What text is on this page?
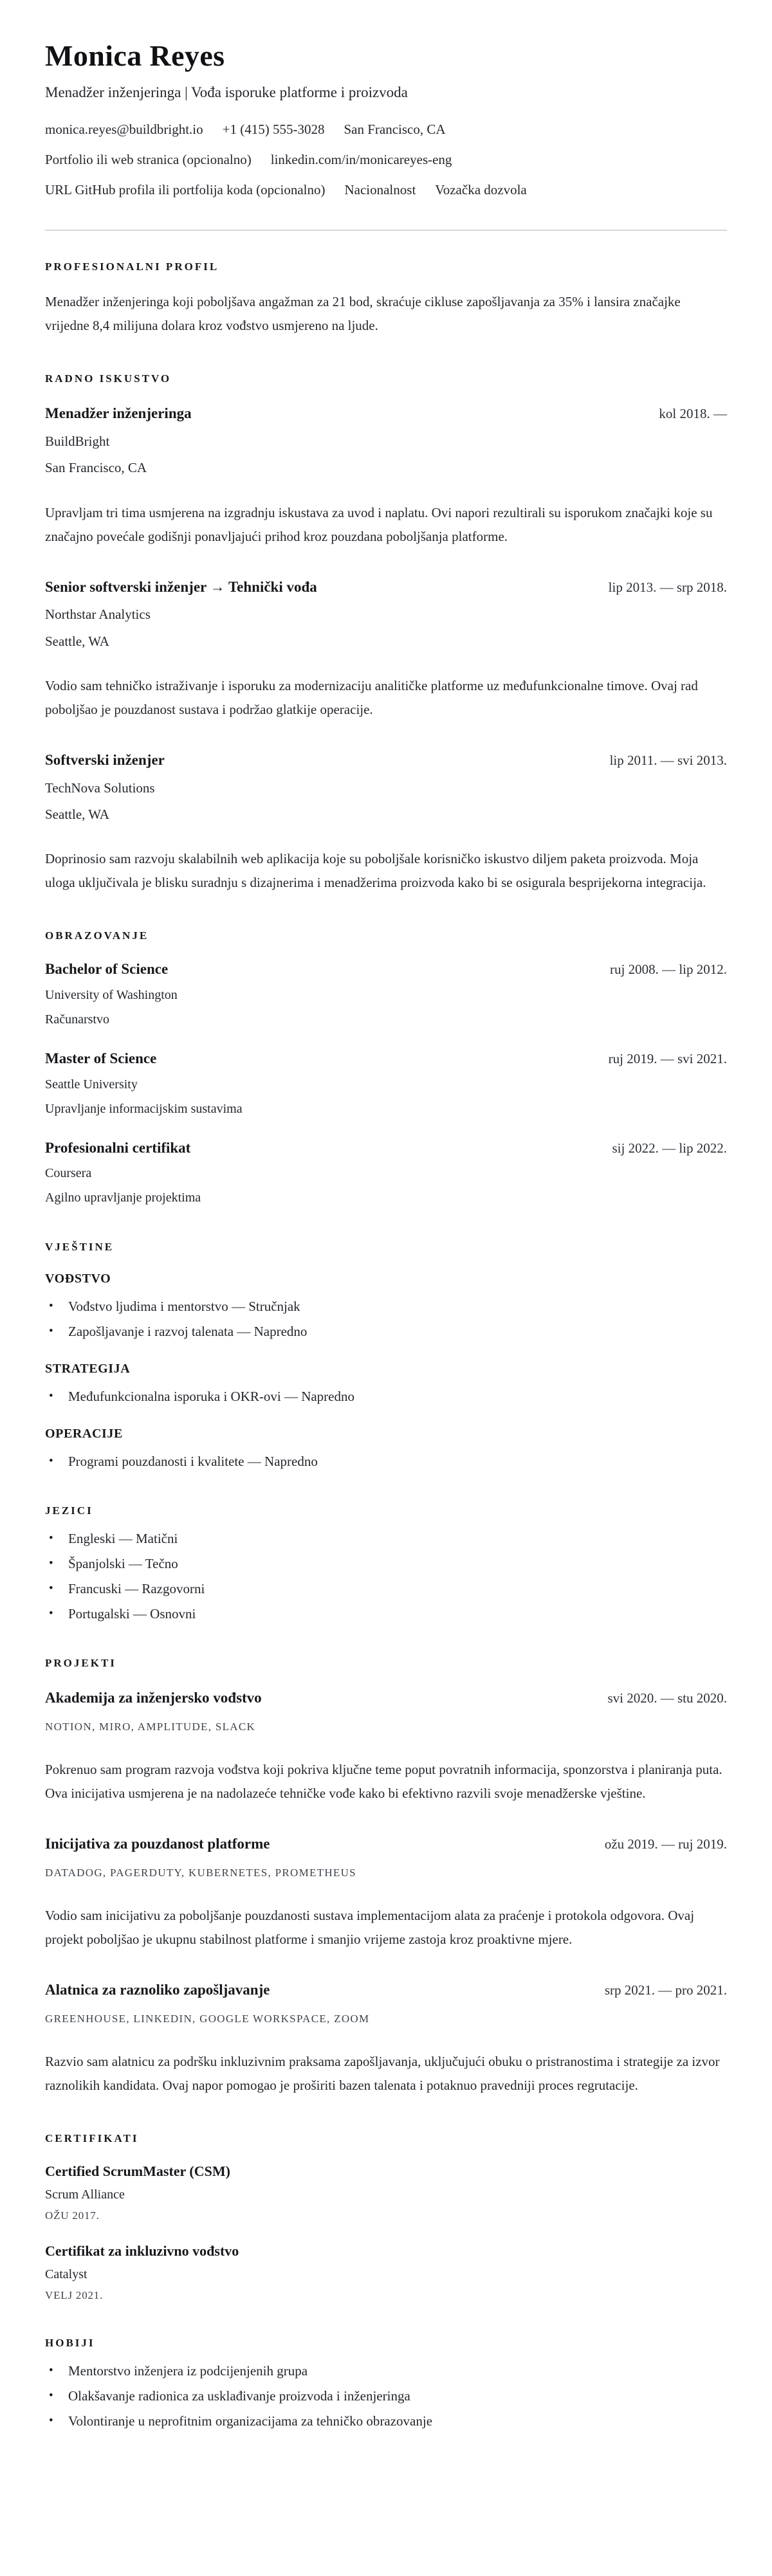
Monica Reyes
Menadžer inženjeringa | Vođa isporuke platforme i proizvoda
monica.reyes@buildbright.io +1 (415) 555-3028 San Francisco, CA
Portfolio ili web stranica (opcionalno) linkedin.com/in/monicareyes-eng
URL GitHub profila ili portfolija koda (opcionalno) Nacionalnost Vozačka dozvola
PROFESIONALNI PROFIL

Menadžer inženjeringa koji poboljšava angažman za 21 bod, skraćuje cikluse zapošljavanja za 35% i lansira značajke vrijedne 8,4 milijuna dolara kroz vođstvo usmjereno na ljude.

RADNO ISKUSTVO
Menadžer inženjeringa	kol 2018. —
BuildBright
San Francisco, CA

Upravljam tri tima usmjerena na izgradnju iskustava za uvod i naplatu. Ovi napori rezultirali su isporukom značajki koje su značajno povećale godišnji ponavljajući prihod kroz pouzdana poboljšanja platforme.

Senior softverski inženjer → Tehnički vođa	lip 2013. — srp 2018.
Northstar Analytics
Seattle, WA

Vodio sam tehničko istraživanje i isporuku za modernizaciju analitičke platforme uz međufunkcionalne timove. Ovaj rad poboljšao je pouzdanost sustava i podržao glatkije operacije.

Softverski inženjer	lip 2011. — svi 2013.
TechNova Solutions
Seattle, WA

Doprinosio sam razvoju skalabilnih web aplikacija koje su poboljšale korisničko iskustvo diljem paketa proizvoda. Moja uloga uključivala je blisku suradnju s dizajnerima i menadžerima proizvoda kako bi se osigurala besprijekorna integracija.

OBRAZOVANJE
Bachelor of Science	ruj 2008. — lip 2012.
University of Washington
Računarstvo
Master of Science	ruj 2019. — svi 2021.
Seattle University
Upravljanje informacijskim sustavima
Profesionalni certifikat	sij 2022. — lip 2022.
Coursera
Agilno upravljanje projektima
VJEŠTINE
VOĐSTVO
• Vođstvo ljudima i mentorstvo — Stručnjak
• Zapošljavanje i razvoj talenata — Napredno
STRATEGIJA
• Međufunkcionalna isporuka i OKR-ovi — Napredno
OPERACIJE
• Programi pouzdanosti i kvalitete — Napredno
JEZICI
• Engleski — Matični
• Španjolski — Tečno
• Francuski — Razgovorni
• Portugalski — Osnovni
PROJEKTI
Akademija za inženjersko vođstvo	svi 2020. — stu 2020.
NOTION, MIRO, AMPLITUDE, SLACK

Pokrenuo sam program razvoja vođstva koji pokriva ključne teme poput povratnih informacija, sponzorstva i planiranja puta. Ova inicijativa usmjerena je na nadolazeće tehničke vođe kako bi efektivno razvili svoje menadžerske vještine.

Inicijativa za pouzdanost platforme	ožu 2019. — ruj 2019.
DATADOG, PAGERDUTY, KUBERNETES, PROMETHEUS

Vodio sam inicijativu za poboljšanje pouzdanosti sustava implementacijom alata za praćenje i protokola odgovora. Ovaj projekt poboljšao je ukupnu stabilnost platforme i smanjio vrijeme zastoja kroz proaktivne mjere.

Alatnica za raznoliko zapošljavanje	srp 2021. — pro 2021.
GREENHOUSE, LINKEDIN, GOOGLE WORKSPACE, ZOOM

Razvio sam alatnicu za podršku inkluzivnim praksama zapošljavanja, uključujući obuku o pristranostima i strategije za izvor raznolikih kandidata. Ovaj napor pomogao je proširiti bazen talenata i potaknuo pravedniji proces regrutacije.

CERTIFIKATI
Certified ScrumMaster (CSM)
Scrum Alliance
OŽU 2017.
Certifikat za inkluzivno vođstvo
Catalyst
VELJ 2021.
HOBIJI
• Mentorstvo inženjera iz podcijenjenih grupa
• Olakšavanje radionica za usklađivanje proizvoda i inženjeringa
• Volontiranje u neprofitnim organizacijama za tehničko obrazovanje
